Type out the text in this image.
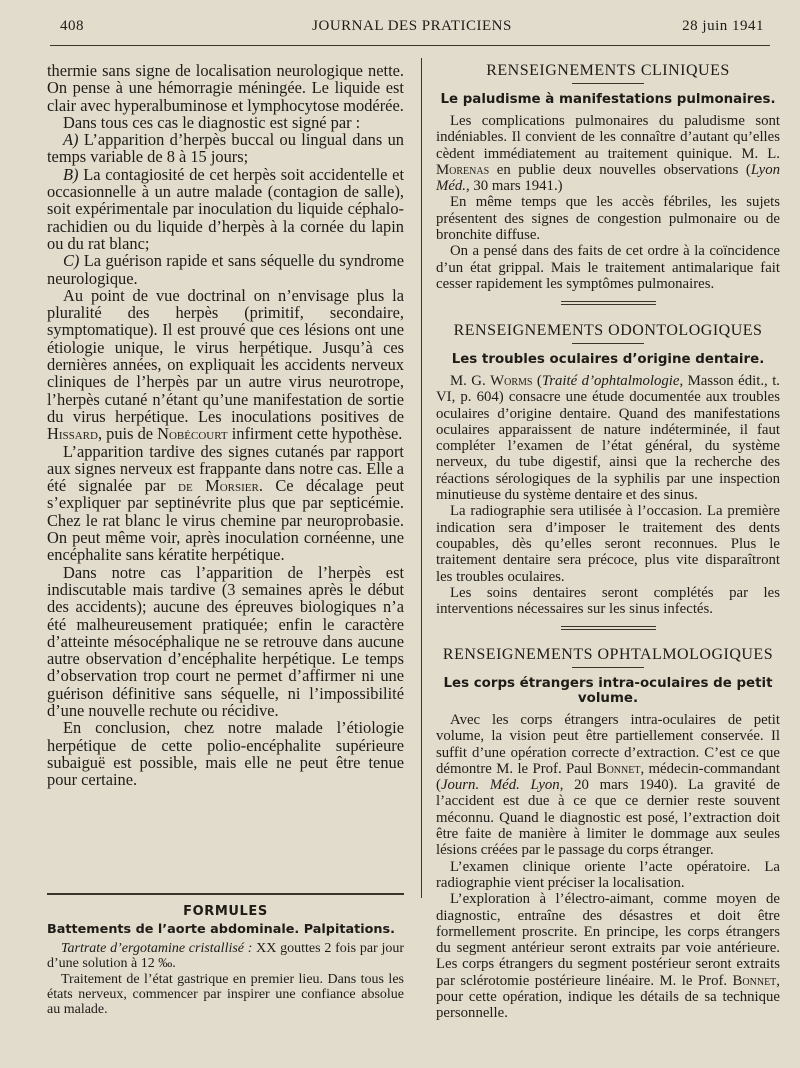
408	JOURNAL DES PRATICIENS	28 juin 1941

thermie sans signe de localisation neurologique nette. On pense à une hémorragie méningée. Le liquide est clair avec hyperalbuminose et lymphocytose modérée.

Dans tous ces cas le diagnostic est signé par :

A) L’apparition d’herpès buccal ou lingual dans un temps variable de 8 à 15 jours;

B) La contagiosité de cet herpès soit accidentelle et occasionnelle à un autre malade (contagion de salle), soit expérimentale par inoculation du liquide céphalo-rachidien ou du liquide d’herpès à la cornée du lapin ou du rat blanc;

C) La guérison rapide et sans séquelle du syndrome neurologique.

Au point de vue doctrinal on n’envisage plus la pluralité des herpès (primitif, secondaire, symptomatique). Il est prouvé que ces lésions ont une étiologie unique, le virus herpétique. Jusqu’à ces dernières années, on expliquait les accidents nerveux cliniques de l’herpès par un autre virus neurotrope, l’herpès cutané n’étant qu’une manifestation de sortie du virus herpétique. Les inoculations positives de Hissard, puis de Nobécourt infirment cette hypothèse.

L’apparition tardive des signes cutanés par rapport aux signes nerveux est frappante dans notre cas. Elle a été signalée par de Morsier. Ce décalage peut s’expliquer par septinévrite plus que par septicémie. Chez le rat blanc le virus chemine par neuroprobasie. On peut même voir, après inoculation cornéenne, une encéphalite sans kératite herpétique.

Dans notre cas l’apparition de l’herpès est indiscutable mais tardive (3 semaines après le début des accidents); aucune des épreuves biologiques n’a été malheureusement pratiquée; enfin le caractère d’atteinte mésocéphalique ne se retrouve dans aucune autre observation d’encéphalite herpétique. Le temps d’observation trop court ne permet d’affirmer ni une guérison définitive sans séquelle, ni l’impossibilité d’une nouvelle rechute ou récidive.

En conclusion, chez notre malade l’étiologie herpétique de cette polio-encéphalite supérieure subaiguë est possible, mais elle ne peut être tenue pour certaine.

FORMULES
Battements de l’aorte abdominale. Palpitations.

Tartrate d’ergotamine cristallisé : XX gouttes 2 fois par jour d’une solution à 12 ‰.

Traitement de l’état gastrique en premier lieu. Dans tous les états nerveux, commencer par inspirer une confiance absolue au malade.

RENSEIGNEMENTS CLINIQUES
Le paludisme à manifestations pulmonaires.

Les complications pulmonaires du paludisme sont indéniables. Il convient de les connaître d’autant qu’elles cèdent immédiatement au traitement quinique. M. L. Morenas en publie deux nouvelles observations (Lyon Méd., 30 mars 1941.)

En même temps que les accès fébriles, les sujets présentent des signes de congestion pulmonaire ou de bronchite diffuse.

On a pensé dans des faits de cet ordre à la coïncidence d’un état grippal. Mais le traitement antimalarique fait cesser rapidement les symptômes pulmonaires.

RENSEIGNEMENTS ODONTOLOGIQUES
Les troubles oculaires d’origine dentaire.

M. G. Worms (Traité d’ophtalmologie, Masson édit., t. VI, p. 604) consacre une étude documentée aux troubles oculaires d’origine dentaire. Quand des manifestations oculaires apparaissent de nature indéterminée, il faut compléter l’examen de l’état général, du système nerveux, du tube digestif, ainsi que la recherche des réactions sérologiques de la syphilis par une inspection minutieuse du système dentaire et des sinus.

La radiographie sera utilisée à l’occasion. La première indication sera d’imposer le traitement des dents coupables, dès qu’elles seront reconnues. Plus le traitement dentaire sera précoce, plus vite disparaîtront les troubles oculaires.

Les soins dentaires seront complétés par les interventions nécessaires sur les sinus infectés.

RENSEIGNEMENTS OPHTALMOLOGIQUES
Les corps étrangers intra-oculaires de petit volume.

Avec les corps étrangers intra-oculaires de petit volume, la vision peut être partiellement conservée. Il suffit d’une opération correcte d’extraction. C’est ce que démontre M. le Prof. Paul Bonnet, médecin-commandant (Journ. Méd. Lyon, 20 mars 1940). La gravité de l’accident est due à ce que ce dernier reste souvent méconnu. Quand le diagnostic est posé, l’extraction doit être faite de manière à limiter le dommage aux seules lésions créées par le passage du corps étranger.

L’examen clinique oriente l’acte opératoire. La radiographie vient préciser la localisation.

L’exploration à l’électro-aimant, comme moyen de diagnostic, entraîne des désastres et doit être formellement proscrite. En principe, les corps étrangers du segment antérieur seront extraits par voie antérieure. Les corps étrangers du segment postérieur seront extraits par sclérotomie postérieure linéaire. M. le Prof. Bonnet, pour cette opération, indique les détails de sa technique personnelle.
